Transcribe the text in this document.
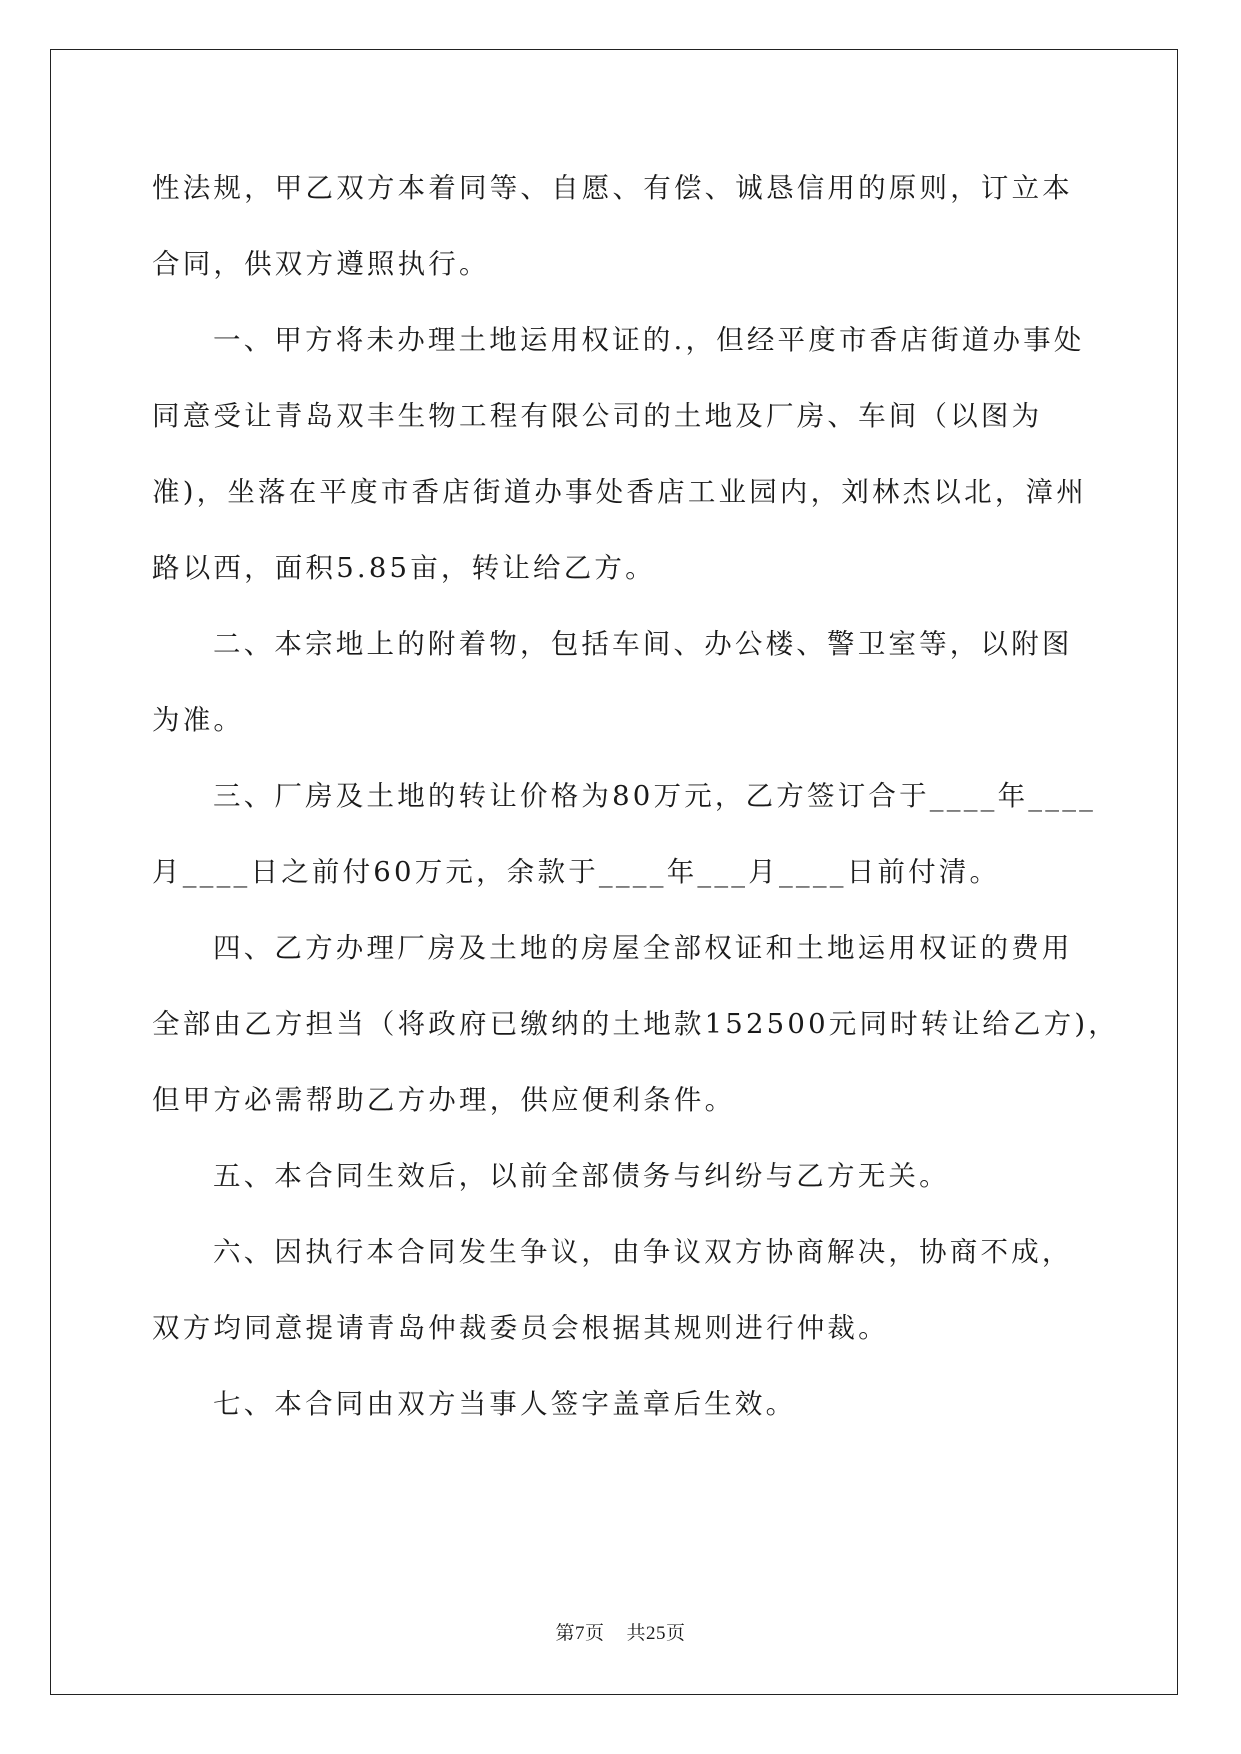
性法规，甲乙双方本着同等、自愿、有偿、诚恳信用的原则，订立本
合同，供双方遵照执行。
一、甲方将未办理土地运用权证的.，但经平度市香店街道办事处
同意受让青岛双丰生物工程有限公司的土地及厂房、车间（以图为
准)，坐落在平度市香店街道办事处香店工业园内，刘林杰以北，漳州
路以西，面积5.85亩，转让给乙方。
二、本宗地上的附着物，包括车间、办公楼、警卫室等，以附图
为准。
三、厂房及土地的转让价格为80万元，乙方签订合于____年____
月____日之前付60万元，余款于____年___月____日前付清。
四、乙方办理厂房及土地的房屋全部权证和土地运用权证的费用
全部由乙方担当（将政府已缴纳的土地款152500元同时转让给乙方)，
但甲方必需帮助乙方办理，供应便利条件。
五、本合同生效后，以前全部债务与纠纷与乙方无关。
六、因执行本合同发生争议，由争议双方协商解决，协商不成，
双方均同意提请青岛仲裁委员会根据其规则进行仲裁。
七、本合同由双方当事人签字盖章后生效。
第7页 共25页
